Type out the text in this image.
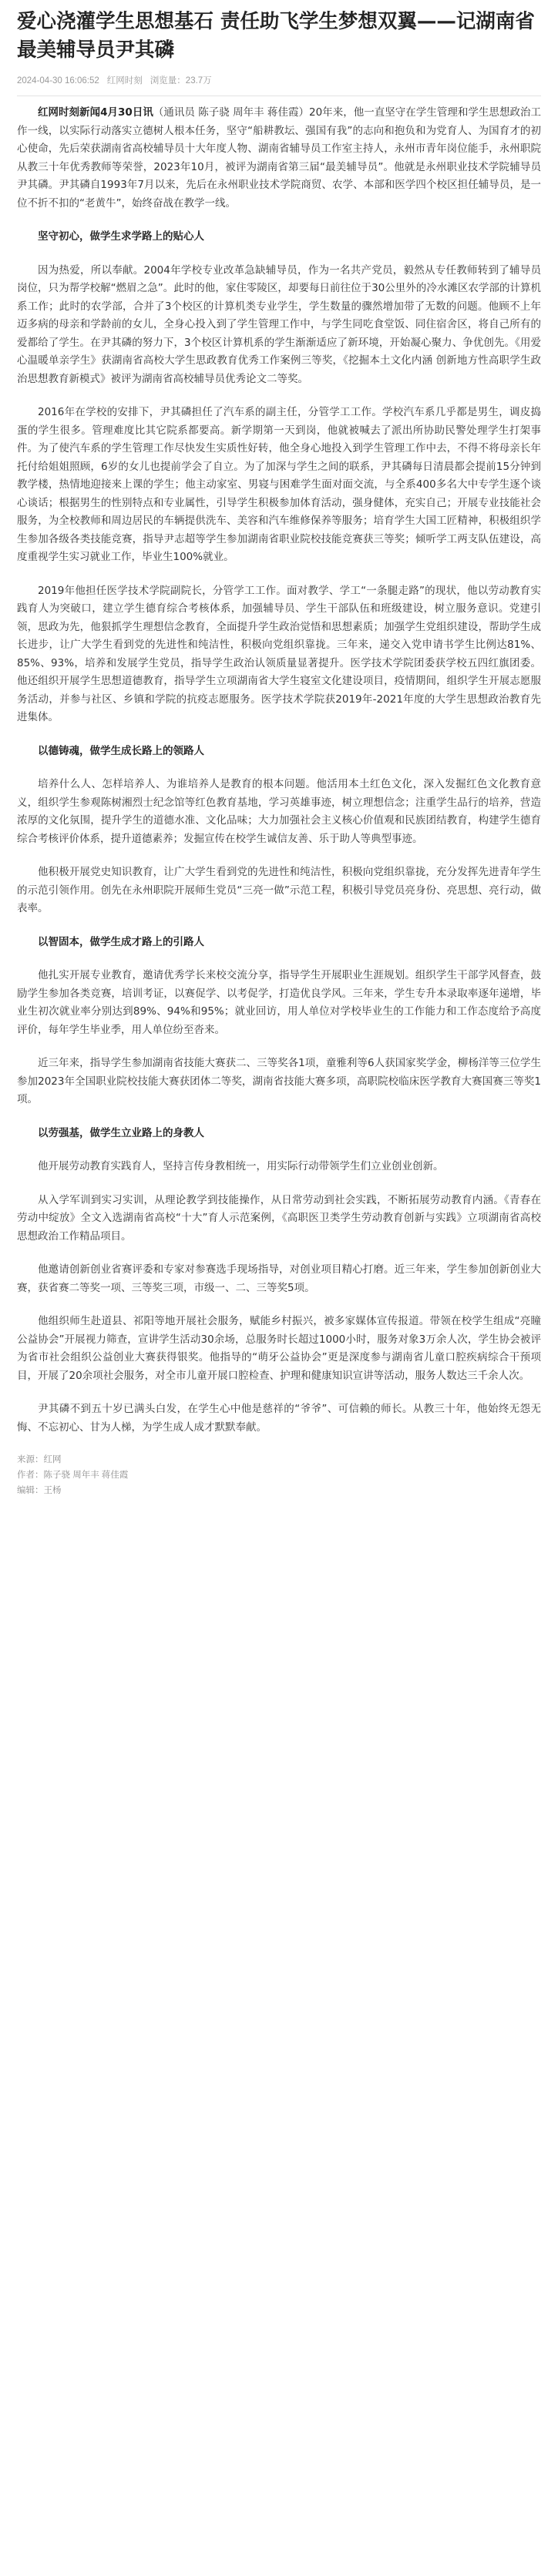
爱心浇灌学生思想基石 责任助飞学生梦想双翼——记湖南省最美辅导员尹其磷
2024-04-30 16:06:52 红网时刻 浏览量：23.7万

红网时刻新闻4月30日讯（通讯员 陈子骁 周年丰 蒋佳霞）20年来，他一直坚守在学生管理和学生思想政治工作一线，以实际行动落实立德树人根本任务，坚守“船耕教坛、强国有我”的志向和抱负和为党育人、为国育才的初心使命，先后荣获湖南省高校辅导员十大年度人物、湖南省辅导员工作室主持人，永州市青年岗位能手，永州职院从教三十年优秀教师等荣誉，2023年10月，被评为湖南省第三届“最美辅导员”。他就是永州职业技术学院辅导员尹其磷。尹其磷自1993年7月以来，先后在永州职业技术学院商贸、农学、本部和医学四个校区担任辅导员，是一位不折不扣的“老黄牛”，始终奋战在教学一线。

坚守初心，做学生求学路上的贴心人

因为热爱，所以奉献。2004年学校专业改革急缺辅导员，作为一名共产党员，毅然从专任教师转到了辅导员岗位，只为帮学校解“燃眉之急”。此时的他，家住零陵区，却要每日前往位于30公里外的冷水滩区农学部的计算机系工作；此时的农学部，合并了3个校区的计算机类专业学生，学生数量的骤然增加带了无数的问题。他顾不上年迈多病的母亲和学龄前的女儿，全身心投入到了学生管理工作中，与学生同吃食堂饭、同住宿舍区，将自己所有的爱都给了学生。在尹其磷的努力下，3个校区计算机系的学生渐渐适应了新环境，开始凝心聚力、争优创先。《用爱心温暖单亲学生》获湖南省高校大学生思政教育优秀工作案例三等奖，《挖掘本土文化内涵 创新地方性高职学生政治思想教育新模式》被评为湖南省高校辅导员优秀论文二等奖。

2016年在学校的安排下，尹其磷担任了汽车系的副主任，分管学工工作。学校汽车系几乎都是男生，调皮捣蛋的学生很多。管理难度比其它院系都要高。新学期第一天到岗，他就被喊去了派出所协助民警处理学生打架事件。为了使汽车系的学生管理工作尽快发生实质性好转，他全身心地投入到学生管理工作中去，不得不将母亲长年托付给姐姐照顾，6岁的女儿也提前学会了自立。为了加深与学生之间的联系，尹其磷每日清晨都会提前15分钟到教学楼，热情地迎接来上课的学生；他主动家室、男寝与困难学生面对面交流，与全系400多名大中专学生逐个谈心谈话；根据男生的性别特点和专业属性，引导学生积极参加体育活动，强身健体，充实自己；开展专业技能社会服务，为全校教师和周边居民的车辆提供洗车、美容和汽车维修保养等服务；培育学生大国工匠精神，积极组织学生参加各级各类技能竞赛，指导尹志超等学生参加湖南省职业院校技能竞赛获三等奖；倾听学工两支队伍建设，高度重视学生实习就业工作，毕业生100%就业。

2019年他担任医学技术学院副院长，分管学工工作。面对教学、学工“一条腿走路”的现状，他以劳动教育实践育人为突破口，建立学生德育综合考核体系，加强辅导员、学生干部队伍和班级建设，树立服务意识。党建引领，思政为先，他狠抓学生理想信念教育，全面提升学生政治觉悟和思想素质；加强学生党组织建设，帮助学生成长进步，让广大学生看到党的先进性和纯洁性，积极向党组织靠拢。三年来，递交入党申请书学生比例达81%、85%、93%，培养和发展学生党员，指导学生政治认领质量显著提升。医学技术学院团委获学校五四红旗团委。他还组织开展学生思想道德教育，指导学生立项湖南省大学生寝室文化建设项目，疫情期间，组织学生开展志愿服务活动，并参与社区、乡镇和学院的抗疫志愿服务。医学技术学院获2019年-2021年度的大学生思想政治教育先进集体。

以德铸魂，做学生成长路上的领路人

培养什么人、怎样培养人、为谁培养人是教育的根本问题。他活用本土红色文化，深入发掘红色文化教育意义，组织学生参观陈树湘烈士纪念馆等红色教育基地，学习英雄事迹，树立理想信念；注重学生品行的培养，营造浓厚的文化氛围，提升学生的道德水准、文化品味；大力加强社会主义核心价值观和民族团结教育，构建学生德育综合考核评价体系，提升道德素养；发掘宣传在校学生诚信友善、乐于助人等典型事迹。

他积极开展党史知识教育，让广大学生看到党的先进性和纯洁性，积极向党组织靠拢，充分发挥先进青年学生的示范引领作用。创先在永州职院开展师生党员“三亮一做”示范工程，积极引导党员亮身份、亮思想、亮行动，做表率。

以智固本，做学生成才路上的引路人

他扎实开展专业教育，邀请优秀学长来校交流分享，指导学生开展职业生涯规划。组织学生干部学风督查，鼓励学生参加各类竞赛，培训考证，以赛促学、以考促学，打造优良学风。三年来，学生专升本录取率逐年递增，毕业生初次就业率分别达到89%、94%和95%；就业回访，用人单位对学校毕业生的工作能力和工作态度给予高度评价，每年学生毕业季，用人单位纷至沓来。

近三年来，指导学生参加湖南省技能大赛获二、三等奖各1项，童雅利等6人获国家奖学金，柳杨洋等三位学生参加2023年全国职业院校技能大赛获团体二等奖，湖南省技能大赛多项，高职院校临床医学教育大赛国赛三等奖1项。

以劳强基，做学生立业路上的身教人

他开展劳动教育实践育人，坚持言传身教相统一，用实际行动带领学生们立业创业创新。

从入学军训到实习实训，从理论教学到技能操作，从日常劳动到社会实践，不断拓展劳动教育内涵。《青春在劳动中绽放》全文入选湖南省高校“十大”育人示范案例，《高职医卫类学生劳动教育创新与实践》立项湖南省高校思想政治工作精品项目。

他邀请创新创业省赛评委和专家对参赛选手现场指导，对创业项目精心打磨。近三年来，学生参加创新创业大赛，获省赛二等奖一项、三等奖三项，市级一、二、三等奖5项。

他组织师生赴道县、祁阳等地开展社会服务，赋能乡村振兴，被多家媒体宣传报道。带领在校学生组成“亮瞳公益协会”开展视力筛查，宣讲学生活动30余场，总服务时长超过1000小时，服务对象3万余人次，学生协会被评为省市社会组织公益创业大赛获得银奖。他指导的“萌牙公益协会”更是深度参与湖南省儿童口腔疾病综合干预项目，开展了20余项社会服务，对全市儿童开展口腔检查、护理和健康知识宣讲等活动，服务人数达三千余人次。

尹其磷不到五十岁已满头白发，在学生心中他是慈祥的“爷爷”、可信赖的师长。从教三十年，他始终无怨无悔、不忘初心、甘为人梯，为学生成人成才默默奉献。

来源：红网
作者：陈子骁 周年丰 蒋佳霞
编辑：王杨
